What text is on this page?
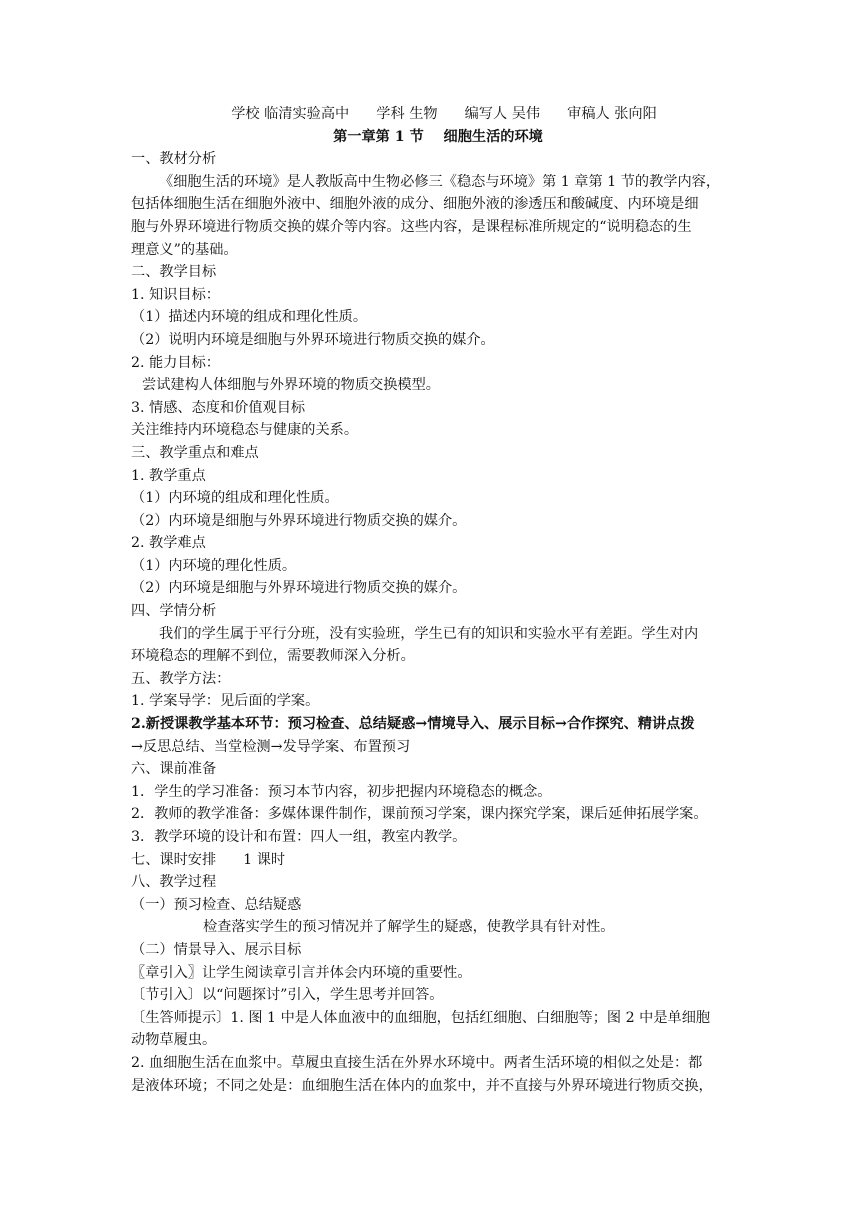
学校 临清实验高中      学科 生物      编写人 吴伟      审稿人 张向阳
第一章第 1 节    细胞生活的环境
一、教材分析
《细胞生活的环境》是人教版高中生物必修三《稳态与环境》第 1 章第 1 节的教学内容，
包括体细胞生活在细胞外液中、细胞外液的成分、细胞外液的渗透压和酸碱度、内环境是细
胞与外界环境进行物质交换的媒介等内容。这些内容，是课程标准所规定的“说明稳态的生
理意义”的基础。
二、教学目标
1. 知识目标：
（1）描述内环境的组成和理化性质。
（2）说明内环境是细胞与外界环境进行物质交换的媒介。
2. 能力目标：
尝试建构人体细胞与外界环境的物质交换模型。
3. 情感、态度和价值观目标
关注维持内环境稳态与健康的关系。
三、教学重点和难点
1. 教学重点
（1）内环境的组成和理化性质。
（2）内环境是细胞与外界环境进行物质交换的媒介。
2. 教学难点
（1）内环境的理化性质。
（2）内环境是细胞与外界环境进行物质交换的媒介。
四、学情分析
我们的学生属于平行分班，没有实验班，学生已有的知识和实验水平有差距。学生对内
环境稳态的理解不到位，需要教师深入分析。
五、教学方法：
1. 学案导学：见后面的学案。
2.新授课教学基本环节：预习检查、总结疑惑→情境导入、展示目标→合作探究、精讲点拨
→反思总结、当堂检测→发导学案、布置预习
六、课前准备
1．学生的学习准备：预习本节内容，初步把握内环境稳态的概念。
2．教师的教学准备：多媒体课件制作，课前预习学案，课内探究学案，课后延伸拓展学案。
3．教学环境的设计和布置：四人一组，教室内教学。
七、课时安排      1 课时
八、教学过程
（一）预习检查、总结疑惑
检查落实学生的预习情况并了解学生的疑惑，使教学具有针对性。
（二）情景导入、展示目标
〖章引入〗让学生阅读章引言并体会内环境的重要性。
〔节引入〕以“问题探讨”引入，学生思考并回答。
〔生答师提示〕1. 图 1 中是人体血液中的血细胞，包括红细胞、白细胞等；图 2 中是单细胞
动物草履虫。
2. 血细胞生活在血浆中。草履虫直接生活在外界水环境中。两者生活环境的相似之处是：都
是液体环境；不同之处是：血细胞生活在体内的血浆中，并不直接与外界环境进行物质交换，
